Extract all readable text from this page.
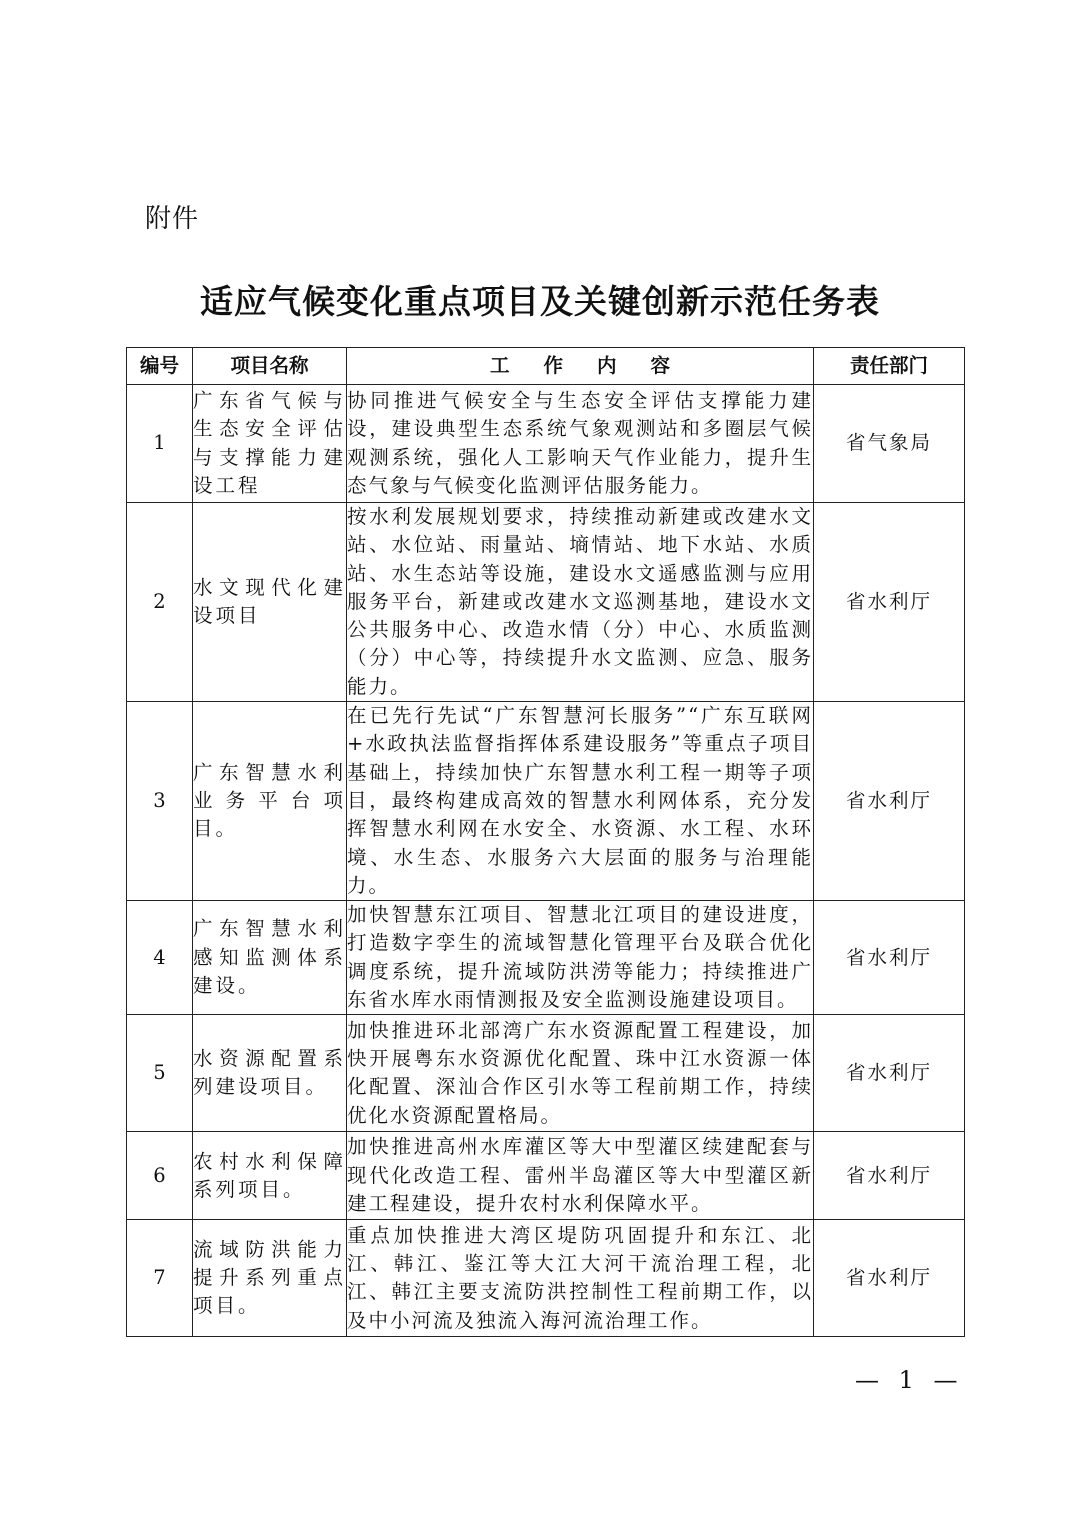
附件
适应气候变化重点项目及关键创新示范任务表
编号	项目名称	工作内容	责任部门
1	广东省气候与生态安全评估与支撑能力建设工程	协同推进气候安全与生态安全评估支撑能力建设，建设典型生态系统气象观测站和多圈层气候观测系统，强化人工影响天气作业能力，提升生态气象与气候变化监测评估服务能力。	省气象局
2	水文现代化建设项目	按水利发展规划要求，持续推动新建或改建水文站、水位站、雨量站、墒情站、地下水站、水质站、水生态站等设施，建设水文遥感监测与应用服务平台，新建或改建水文巡测基地，建设水文公共服务中心、改造水情（分）中心、水质监测（分）中心等，持续提升水文监测、应急、服务能力。	省水利厅
3	广东智慧水利业务平台项目。	在已先行先试“广东智慧河长服务”“广东互联网+水政执法监督指挥体系建设服务”等重点子项目基础上，持续加快广东智慧水利工程一期等子项目，最终构建成高效的智慧水利网体系，充分发挥智慧水利网在水安全、水资源、水工程、水环境、水生态、水服务六大层面的服务与治理能力。	省水利厅
4	广东智慧水利感知监测体系建设。	加快智慧东江项目、智慧北江项目的建设进度，打造数字孪生的流域智慧化管理平台及联合优化调度系统，提升流域防洪涝等能力；持续推进广东省水库水雨情测报及安全监测设施建设项目。	省水利厅
5	水资源配置系列建设项目。	加快推进环北部湾广东水资源配置工程建设，加快开展粤东水资源优化配置、珠中江水资源一体化配置、深汕合作区引水等工程前期工作，持续优化水资源配置格局。	省水利厅
6	农村水利保障系列项目。	加快推进高州水库灌区等大中型灌区续建配套与现代化改造工程、雷州半岛灌区等大中型灌区新建工程建设，提升农村水利保障水平。	省水利厅
7	流域防洪能力提升系列重点项目。	重点加快推进大湾区堤防巩固提升和东江、北江、韩江、鉴江等大江大河干流治理工程，北江、韩江主要支流防洪控制性工程前期工作，以及中小河流及独流入海河流治理工作。	省水利厅
— 1 —
